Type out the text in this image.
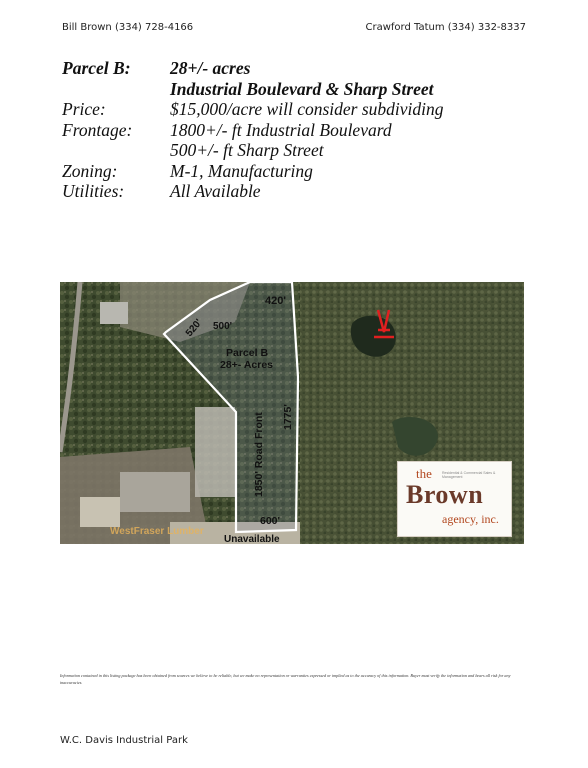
Bill Brown (334) 728-4166	Crawford Tatum (334) 332-8337
Parcel B:	28+/- acres
Industrial Boulevard & Sharp Street
Price:	$15,000/acre will consider subdividing
Frontage:	1800+/- ft Industrial Boulevard
500+/- ft Sharp Street
Zoning:	M-1, Manufacturing
Utilities:	All Available
420'
520' 500'
Parcel B
28+- Acres
1850' Road Front 1775'
600'
Unavailable
WestFraser Lumber
the	Residential & Commercial Sales & Management
Brown
agency, inc.
Information contained in this listing package has been obtained from sources we believe to be reliable, but we make no representation or warranties expressed or implied as to the accuracy of this information. Buyer must verify the information and bears all risk for any inaccuracies.
W.C. Davis Industrial Park
